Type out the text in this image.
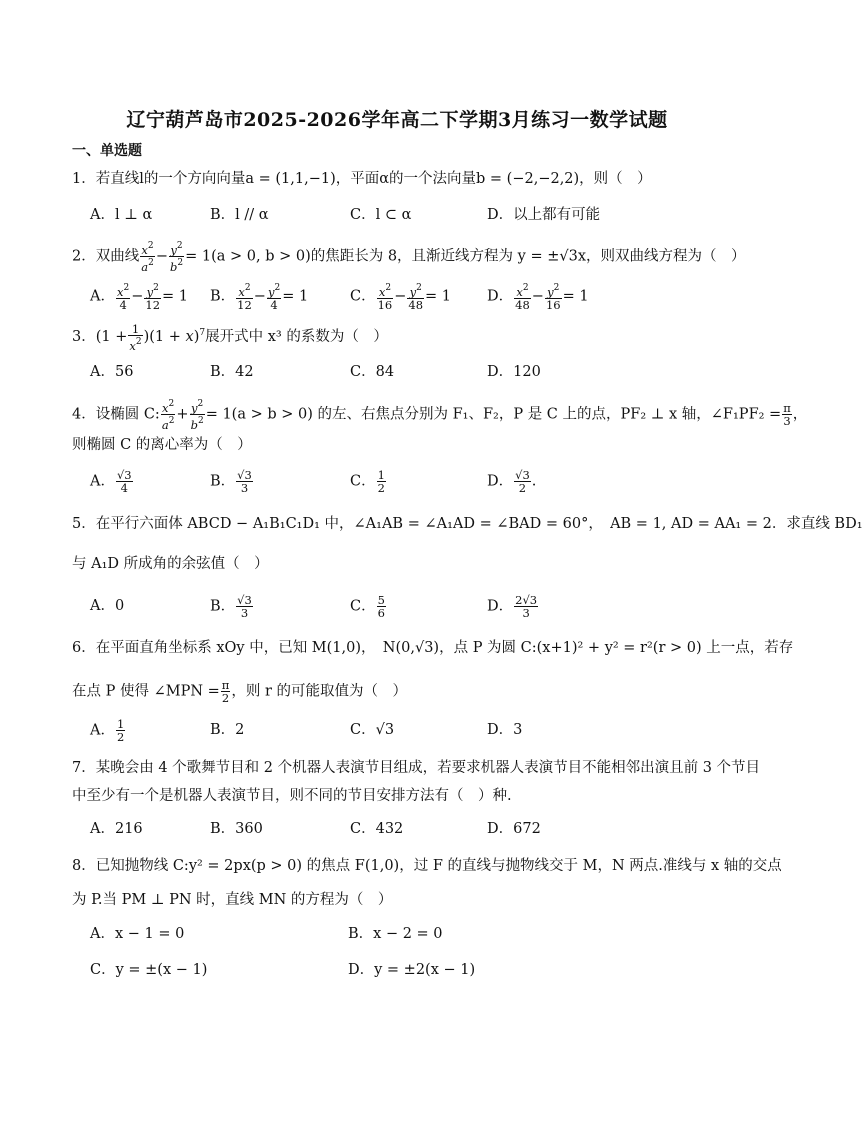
辽宁葫芦岛市2025-2026学年高二下学期3月练习一数学试题
一、单选题
1．若直线l的一个方向向量a = (1,1,−1)，平面α的一个法向量b = (−2,−2,2)，则（　）
A．l ⊥ α	B．l // α	C．l ⊂ α	D．以上都有可能
2．双曲线 $\frac{x^2}{a^2} - \frac{y^2}{b^2} = 1(a > 0$, b > 0)的焦距长为 8，且渐近线方程为 y = ±√3x，则双曲线方程为（　）
A． $\frac{x^2}{4} - \frac{y^2}{12} = 1$ B． $\frac{x^2}{12} - \frac{y^2}{4} = 1$	C． $\frac{x^2}{16} - \frac{y^2}{48} = 1$ D． $\frac{x^2}{48} - \frac{y^2}{16} = 1$
3．$(1 + \frac{1}{x^2} )(1 + x)^7$展开式中 x³ 的系数为（　）
A．56	B．42	C．84	D．120
4．设椭圆 C: $\frac{x^2}{a^2} + \frac{y^2}{b^2} = 1(a > b > 0)$ 的左、右焦点分别为 F₁、F₂，P 是 C 上的点，PF₂ ⊥ x 轴，∠F₁PF₂ = $\frac{\pi}{3}$ ，
则椭圆 C 的离心率为（　）
A． $\frac{√3}{4}$	B． $\frac{√3}{3}$	C． $\frac{1}{2}$	D． $\frac{√3}{2}$ .
5．在平行六面体 ABCD − A₁B₁C₁D₁ 中，∠A₁AB = ∠A₁AD = ∠BAD = 60°，　AB = 1, AD = AA₁ = 2．求直线 BD₁
与 A₁D 所成角的余弦值（　）
A．0	B． $\frac{√3}{3}$	C． $\frac{5}{6}$	D． $\frac{2√3}{3}$
6．在平面直角坐标系 xOy 中，已知 M(1,0)，　N(0,√3)，点 P 为圆 C:(x+1)² + y² = r²(r > 0) 上一点，若存
在点 P 使得 ∠MPN = $\frac{\pi}{2}$ ，则 r 的可能取值为（　）
A． $\frac{1}{2}$	B．2	C．√3	D．3
7．某晚会由 4 个歌舞节目和 2 个机器人表演节目组成，若要求机器人表演节目不能相邻出演且前 3 个节目
中至少有一个是机器人表演节目，则不同的节目安排方法有（　）种.
A．216	B．360	C．432	D．672
8．已知抛物线 C:y² = 2px(p > 0) 的焦点 F(1,0)，过 F 的直线与抛物线交于 M，N 两点.准线与 x 轴的交点
为 P.当 PM ⊥ PN 时，直线 MN 的方程为（　）
A．x − 1 = 0	B．x − 2 = 0
C．y = ±(x − 1)	D．y = ±2(x − 1)
